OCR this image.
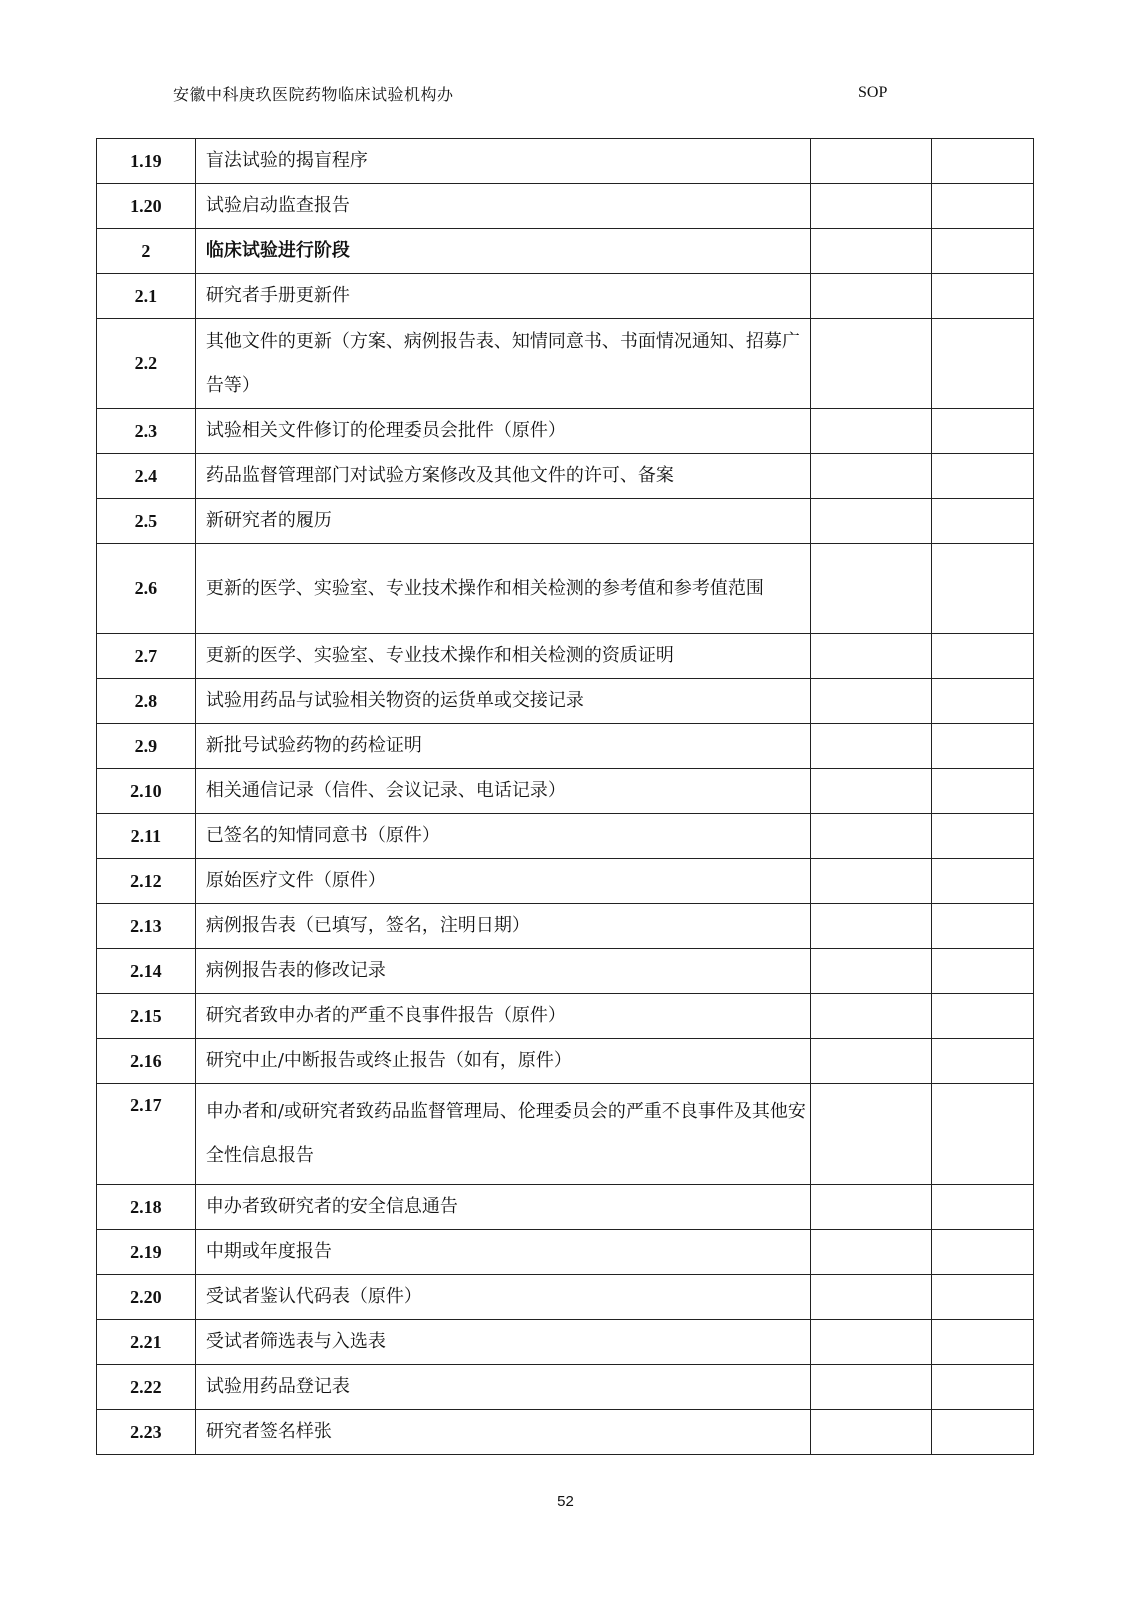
安徽中科庚玖医院药物临床试验机构办	SOP
1.19	盲法试验的揭盲程序		
1.20	试验启动监查报告		
2	临床试验进行阶段		
2.1	研究者手册更新件		
2.2	其他文件的更新（方案、病例报告表、知情同意书、书面情况通知、招募广告等）		
2.3	试验相关文件修订的伦理委员会批件（原件）		
2.4	药品监督管理部门对试验方案修改及其他文件的许可、备案		
2.5	新研究者的履历		
2.6	更新的医学、实验室、专业技术操作和相关检测的参考值和参考值范围		
2.7	更新的医学、实验室、专业技术操作和相关检测的资质证明		
2.8	试验用药品与试验相关物资的运货单或交接记录		
2.9	新批号试验药物的药检证明		
2.10	相关通信记录（信件、会议记录、电话记录）		
2.11	已签名的知情同意书（原件）		
2.12	原始医疗文件（原件）		
2.13	病例报告表（已填写，签名，注明日期）		
2.14	病例报告表的修改记录		
2.15	研究者致申办者的严重不良事件报告（原件）		
2.16	研究中止/中断报告或终止报告（如有，原件）		
2.17	申办者和/或研究者致药品监督管理局、伦理委员会的严重不良事件及其他安全性信息报告		
2.18	申办者致研究者的安全信息通告		
2.19	中期或年度报告		
2.20	受试者鉴认代码表（原件）		
2.21	受试者筛选表与入选表		
2.22	试验用药品登记表		
2.23	研究者签名样张		
52
